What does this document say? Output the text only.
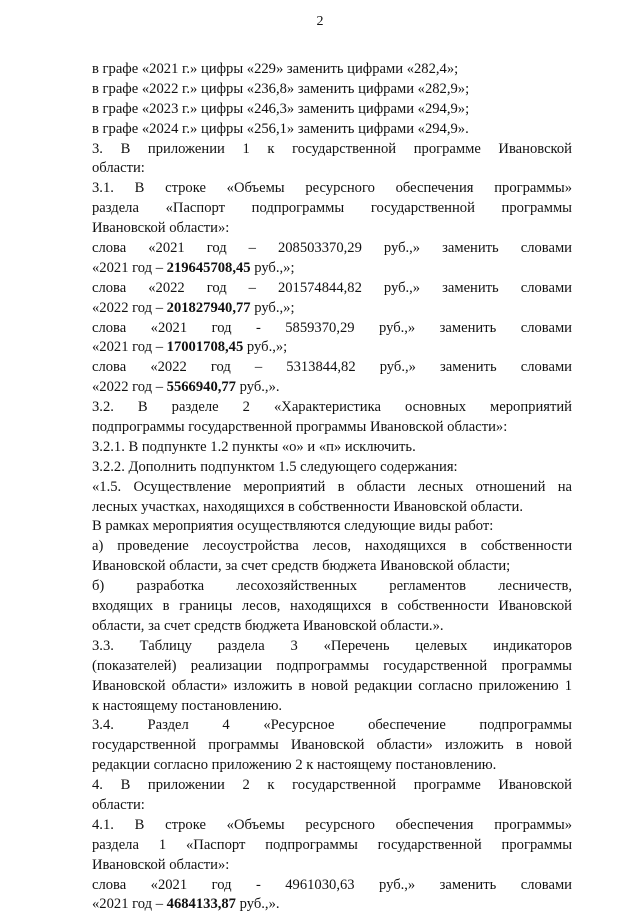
2
в графе «2021 г.» цифры «229» заменить цифрами «282,4»;
в графе «2022 г.» цифры «236,8» заменить цифрами «282,9»;
в графе «2023 г.» цифры «246,3» заменить цифрами «294,9»;
в графе «2024 г.» цифры «256,1» заменить цифрами «294,9».
3. В приложении 1 к государственной программе Ивановской
области:
3.1. В строке «Объемы ресурсного обеспечения программы»
раздела «Паспорт подпрограммы государственной программы
Ивановской области»:
слова «2021 год – 208503370,29 руб.,» заменить словами
«2021 год – 219645708,45 руб.,»;
слова «2022 год – 201574844,82 руб.,» заменить словами
«2022 год – 201827940,77 руб.,»;
слова «2021 год - 5859370,29 руб.,» заменить словами
«2021 год – 17001708,45 руб.,»;
слова «2022 год – 5313844,82 руб.,» заменить словами
«2022 год – 5566940,77 руб.,».
3.2. В разделе 2 «Характеристика основных мероприятий
подпрограммы государственной программы Ивановской области»:
3.2.1. В подпункте 1.2 пункты «о» и «п» исключить.
3.2.2. Дополнить подпунктом 1.5 следующего содержания:
«1.5. Осуществление мероприятий в области лесных отношений на
лесных участках, находящихся в собственности Ивановской области.
В рамках мероприятия осуществляются следующие виды работ:
а) проведение лесоустройства лесов, находящихся в собственности
Ивановской области, за счет средств бюджета Ивановской области;
б) разработка лесохозяйственных регламентов лесничеств,
входящих в границы лесов, находящихся в собственности Ивановской
области, за счет средств бюджета Ивановской области.».
3.3. Таблицу раздела 3 «Перечень целевых индикаторов
(показателей) реализации подпрограммы государственной программы
Ивановской области» изложить в новой редакции согласно приложению 1
к настоящему постановлению.
3.4. Раздел 4 «Ресурсное обеспечение подпрограммы
государственной программы Ивановской области» изложить в новой
редакции согласно приложению 2 к настоящему постановлению.
4. В приложении 2 к государственной программе Ивановской
области:
4.1. В строке «Объемы ресурсного обеспечения программы»
раздела 1 «Паспорт подпрограммы государственной программы
Ивановской области»:
слова «2021 год - 4961030,63 руб.,» заменить словами
«2021 год – 4684133,87 руб.,».
